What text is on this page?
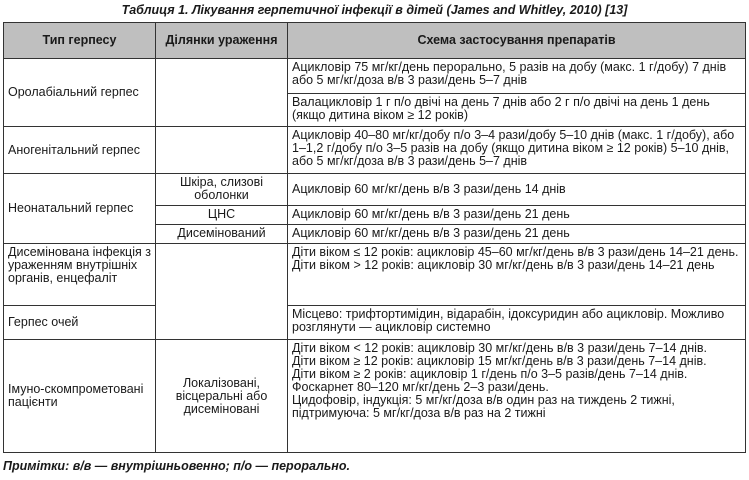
Таблиця 1. Лікування герпетичної інфекції в дітей (James and Whitley, 2010) [13]
Тип герпесу	Ділянки ураження	Схема застосування препаратів
Оролабіальний герпес		Ацикловір 75 мг/кг/день перорально, 5 разів на добу (макс. 1 г/добу) 7 днів або 5 мг/кг/доза в/в 3 рази/день 5–7 днів
		Валацикловір 1 г п/о двічі на день 7 днів або 2 г п/о двічі на день 1 день (якщо дитина віком ≥ 12 років)
Аногенітальний герпес		Ацикловір 40–80 мг/кг/добу п/о 3–4 рази/добу 5–10 днів (макс. 1 г/добу), або 1–1,2 г/добу п/о 3–5 разів на добу (якщо дитина віком ≥ 12 років) 5–10 днів, або 5 мг/кг/доза в/в 3 рази/день 5–7 днів
Неонатальний герпес	Шкіра, слизові оболонки	Ацикловір 60 мг/кг/день в/в 3 рази/день 14 днів
	ЦНС	Ацикловір 60 мг/кг/день в/в 3 рази/день 21 день
	Дисемінований	Ацикловір 60 мг/кг/день в/в 3 рази/день 21 день
Дисемінована інфекція з ураженням внутрішніх органів, енцефаліт		Діти віком ≤ 12 років: ацикловір 45–60 мг/кг/день в/в 3 рази/день 14–21 день.
Діти віком > 12 років: ацикловір 30 мг/кг/день в/в 3 рази/день 14–21 день

Герпес очей		Місцево: трифтортимідин, відарабін, ідоксуридин або ацикловір. Можливо розглянути — ацикловір системно
Імуно-скомпрометовані пацієнти	Локалізовані, вісцеральні або дисеміновані	Діти віком < 12 років: ацикловір 30 мг/кг/день в/в 3 рази/день 7–14 днів.
Діти віком ≥ 12 років: ацикловір 15 мг/кг/день в/в 3 рази/день 7–14 днів.
Діти віком ≥ 2 років: ацикловір 1 г/день п/о 3–5 разів/день 7–14 днів.
Фоскарнет 80–120 мг/кг/день 2–3 рази/день.
Цидофовір, індукція: 5 мг/кг/доза в/в один раз на тиждень 2 тижні, підтримуюча: 5 мг/кг/доза в/в раз на 2 тижні
Примітки: в/в — внутрішньовенно; п/о — перорально.
